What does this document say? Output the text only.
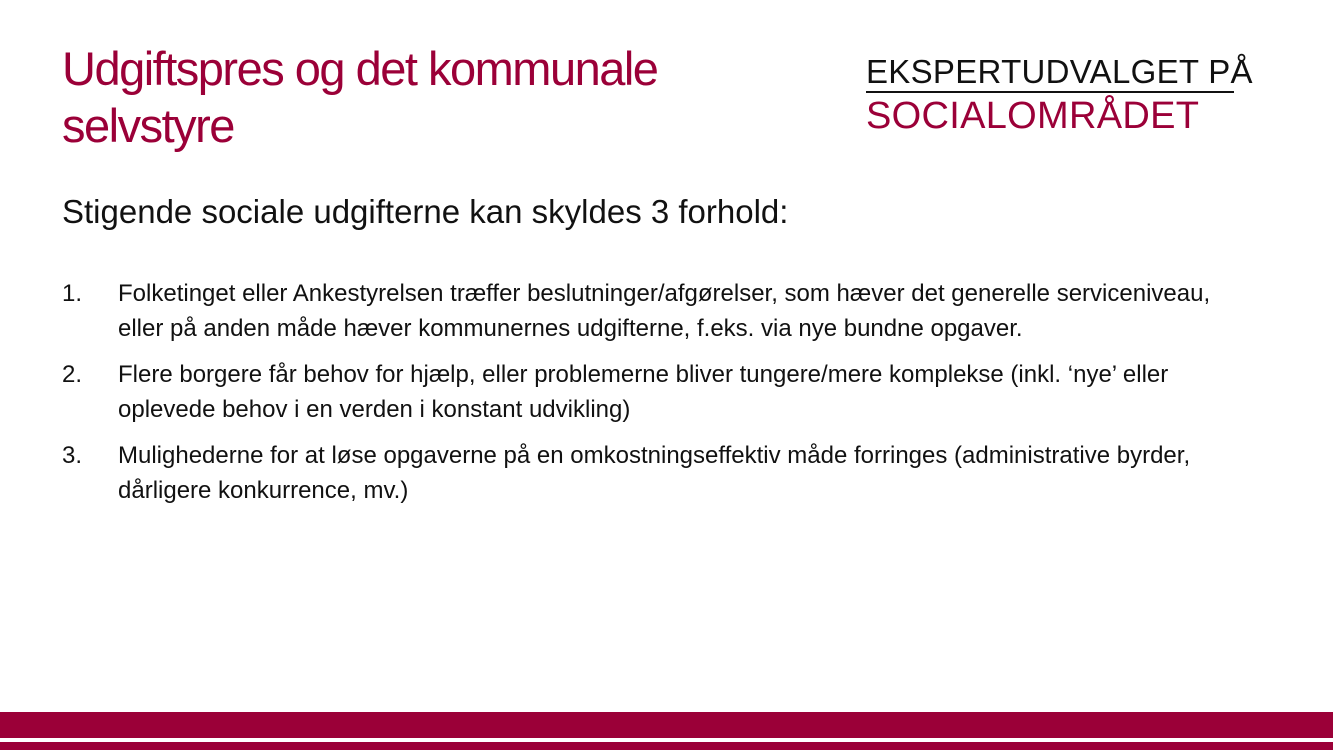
Udgiftspres og det kommunale selvstyre
EKSPERTUDVALGET PÅ
SOCIALOMRÅDET
Stigende sociale udgifterne kan skyldes 3 forhold:
1. Folketinget eller Ankestyrelsen træffer beslutninger/afgørelser, som hæver det generelle serviceniveau, eller på anden måde hæver kommunernes udgifterne, f.eks. via nye bundne opgaver.
2. Flere borgere får behov for hjælp, eller problemerne bliver tungere/mere komplekse (inkl. ‘nye’ eller oplevede behov i en verden i konstant udvikling)
3. Mulighederne for at løse opgaverne på en omkostningseffektiv måde forringes (administrative byrder, dårligere konkurrence, mv.)
